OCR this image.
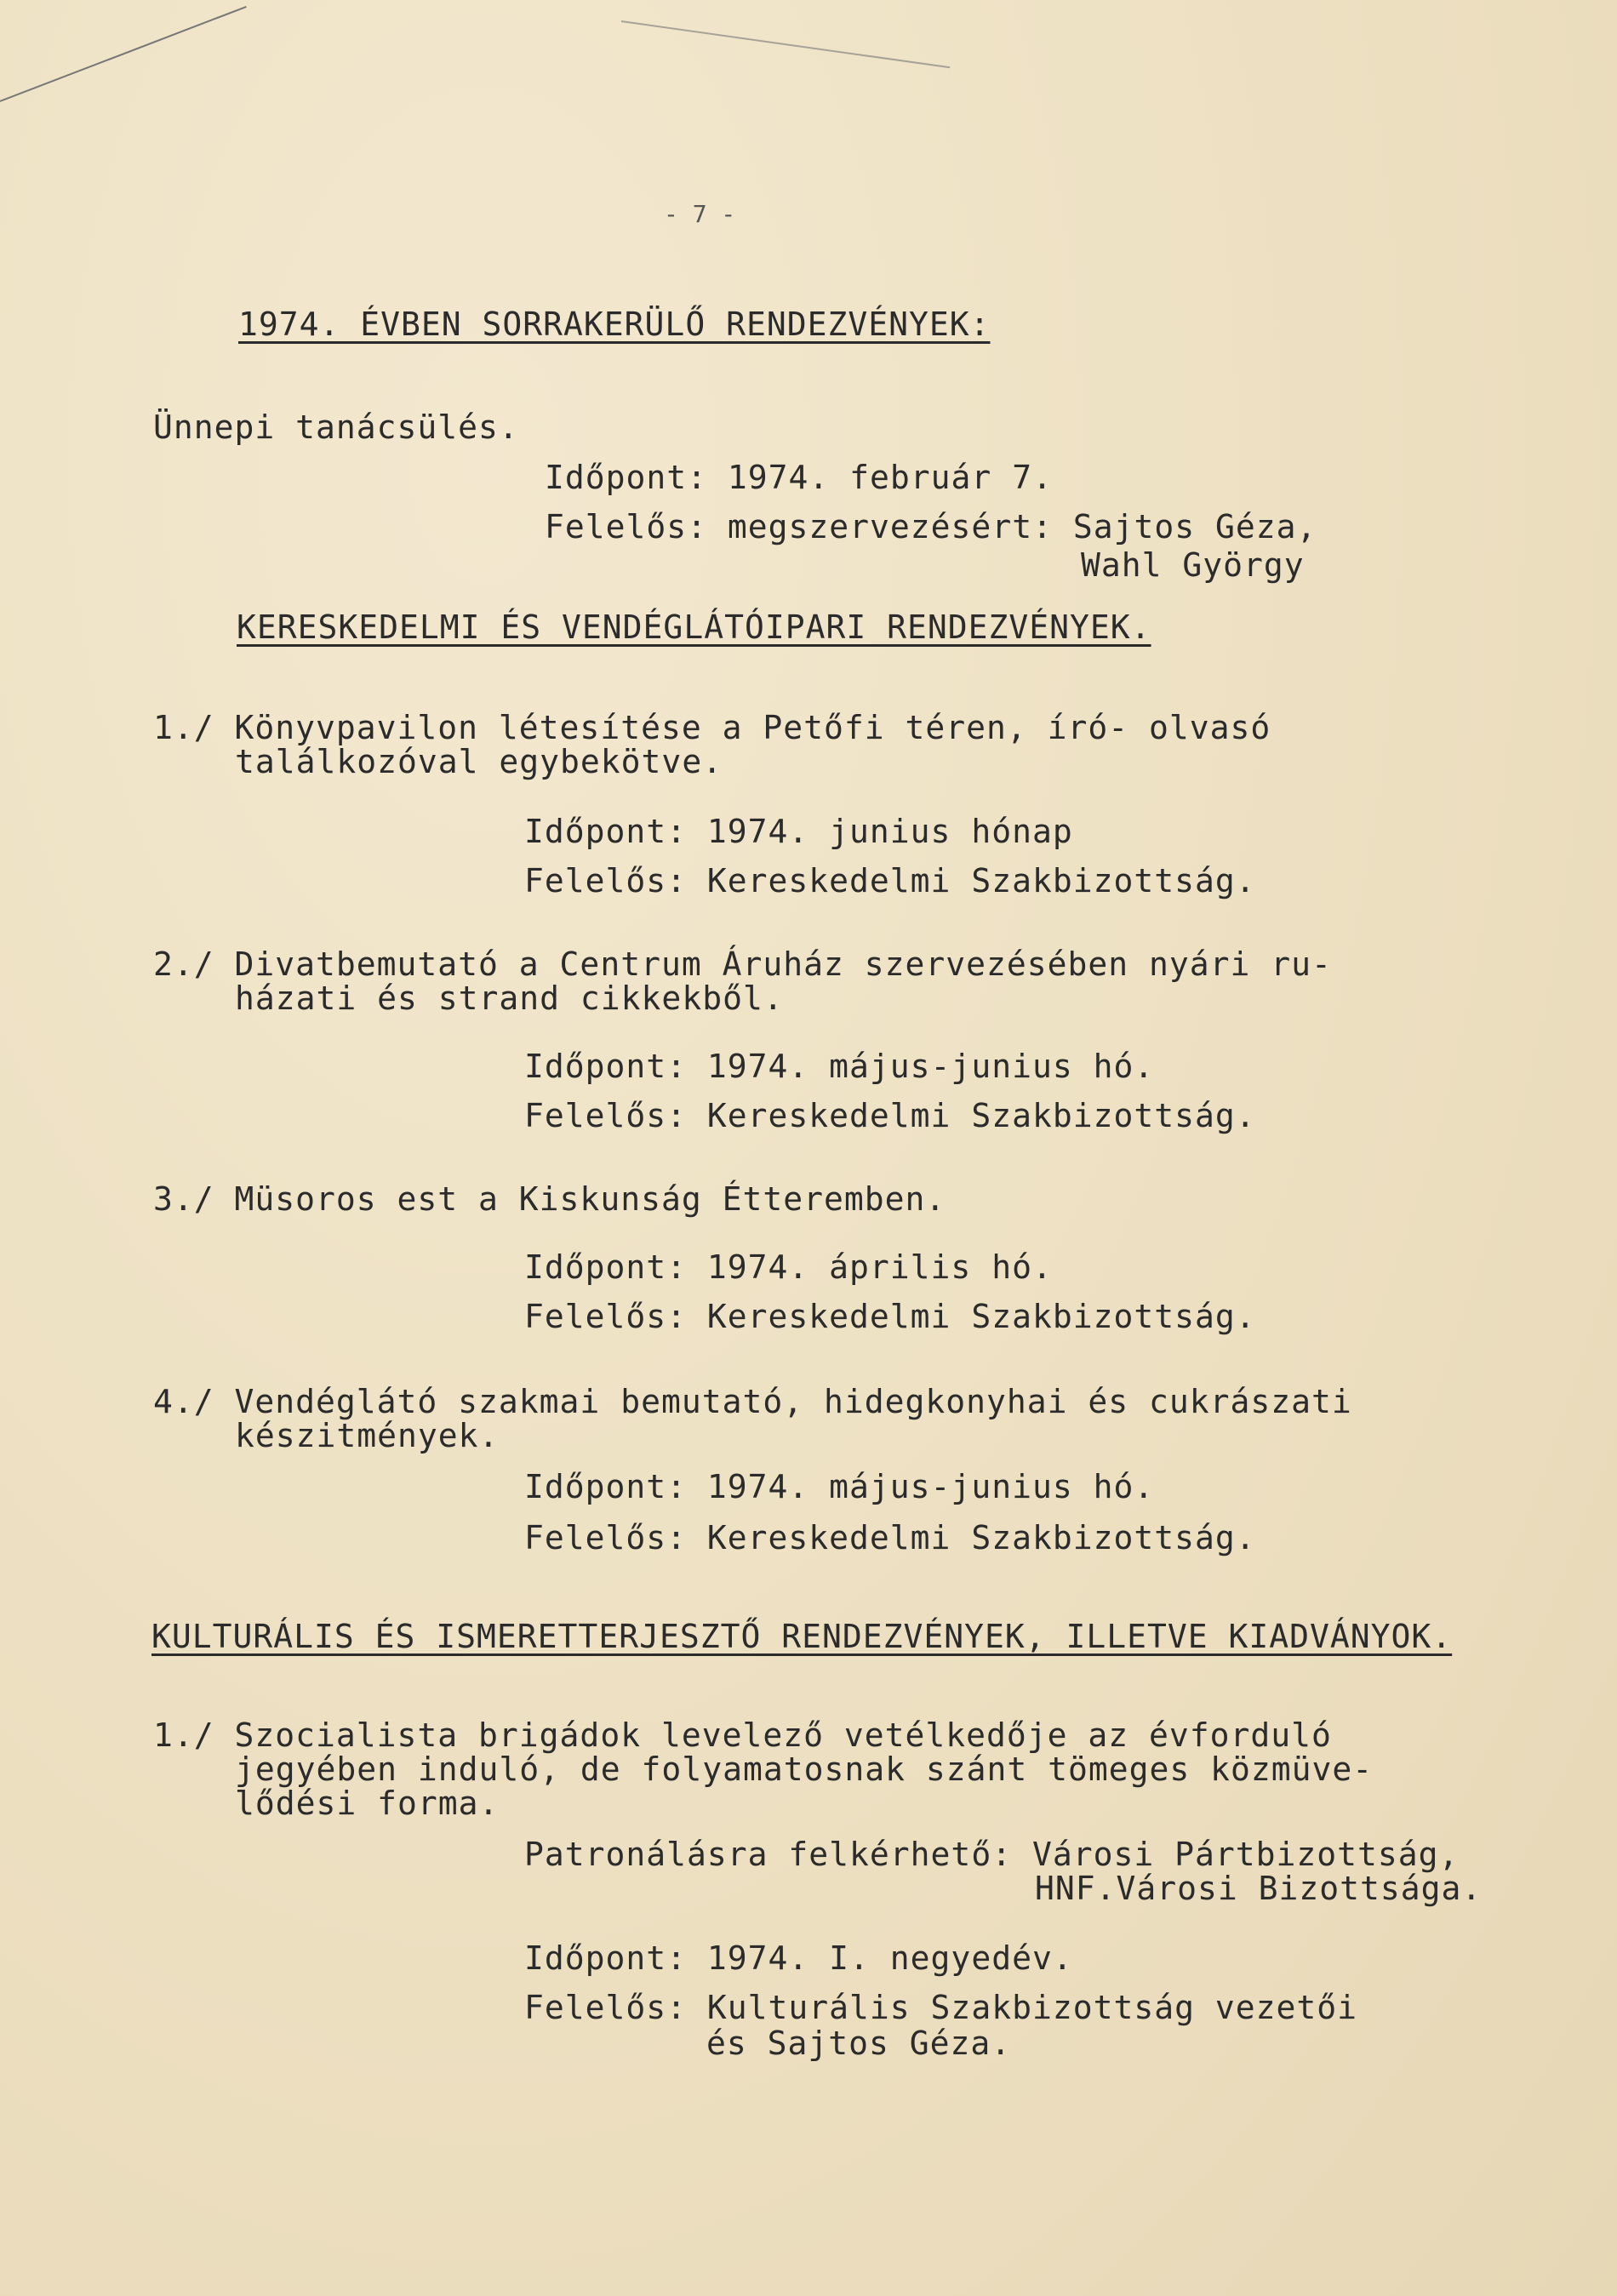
- 7 -
1974. ÉVBEN SORRAKERÜLŐ RENDEZVÉNYEK:
Ünnepi tanácsülés.
Időpont: 1974. február 7.
Felelős: megszervezésért: Sajtos Géza,
Wahl György
KERESKEDELMI ÉS VENDÉGLÁTÓIPARI RENDEZVÉNYEK.
1./ Könyvpavilon létesítése a Petőfi téren, író- olvasó
találkozóval egybekötve.
Időpont: 1974. junius hónap
Felelős: Kereskedelmi Szakbizottság.
2./ Divatbemutató a Centrum Áruház szervezésében nyári ru-
házati és strand cikkekből.
Időpont: 1974. május-junius hó.
Felelős: Kereskedelmi Szakbizottság.
3./ Müsoros est a Kiskunság Étteremben.
Időpont: 1974. április hó.
Felelős: Kereskedelmi Szakbizottság.
4./ Vendéglátó szakmai bemutató, hidegkonyhai és cukrászati
készitmények.
Időpont: 1974. május-junius hó.
Felelős: Kereskedelmi Szakbizottság.
KULTURÁLIS ÉS ISMERETTERJESZTŐ RENDEZVÉNYEK, ILLETVE KIADVÁNYOK.
1./ Szocialista brigádok levelező vetélkedője az évforduló
jegyében induló, de folyamatosnak szánt tömeges közmüve-
lődési forma.
Patronálásra felkérhető: Városi Pártbizottság,
HNF.Városi Bizottsága.
Időpont: 1974. I. negyedév.
Felelős: Kulturális Szakbizottság vezetői
és Sajtos Géza.
